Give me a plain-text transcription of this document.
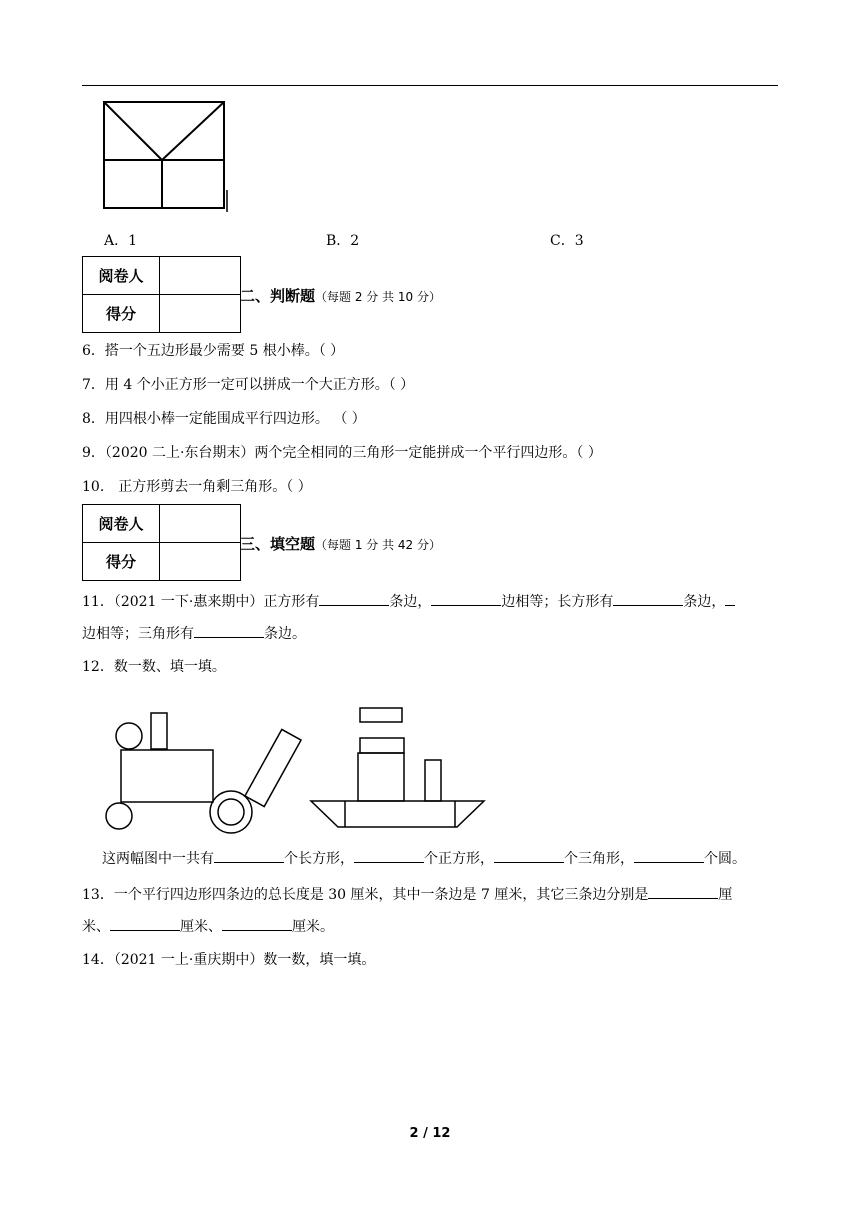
A．1	B．2	C．3
阅卷人	
得分	
二、判断题（每题 2 分 共 10 分）
6．搭一个五边形最少需要 5 根小棒。（ ）
7．用 4 个小正方形一定可以拼成一个大正方形。（ ）
8．用四根小棒一定能围成平行四边形。 （ ）
9．（2020 二上·东台期末）两个完全相同的三角形一定能拼成一个平行四边形。（ ）
10． 正方形剪去一角剩三角形。（ ）
阅卷人	
得分	
三、填空题（每题 1 分 共 42 分）
11．（2021 一下·惠来期中）正方形有	条边，	边相等；长方形有	条边，
边相等；三角形有	条边。
12．数一数、填一填。
这两幅图中一共有	个长方形，	个正方形，	个三角形，	个圆。
13．一个平行四边形四条边的总长度是 30 厘米，其中一条边是 7 厘米，其它三条边分别是	厘
米、	厘米、	厘米。
14．（2021 一上·重庆期中）数一数，填一填。
2 / 12
